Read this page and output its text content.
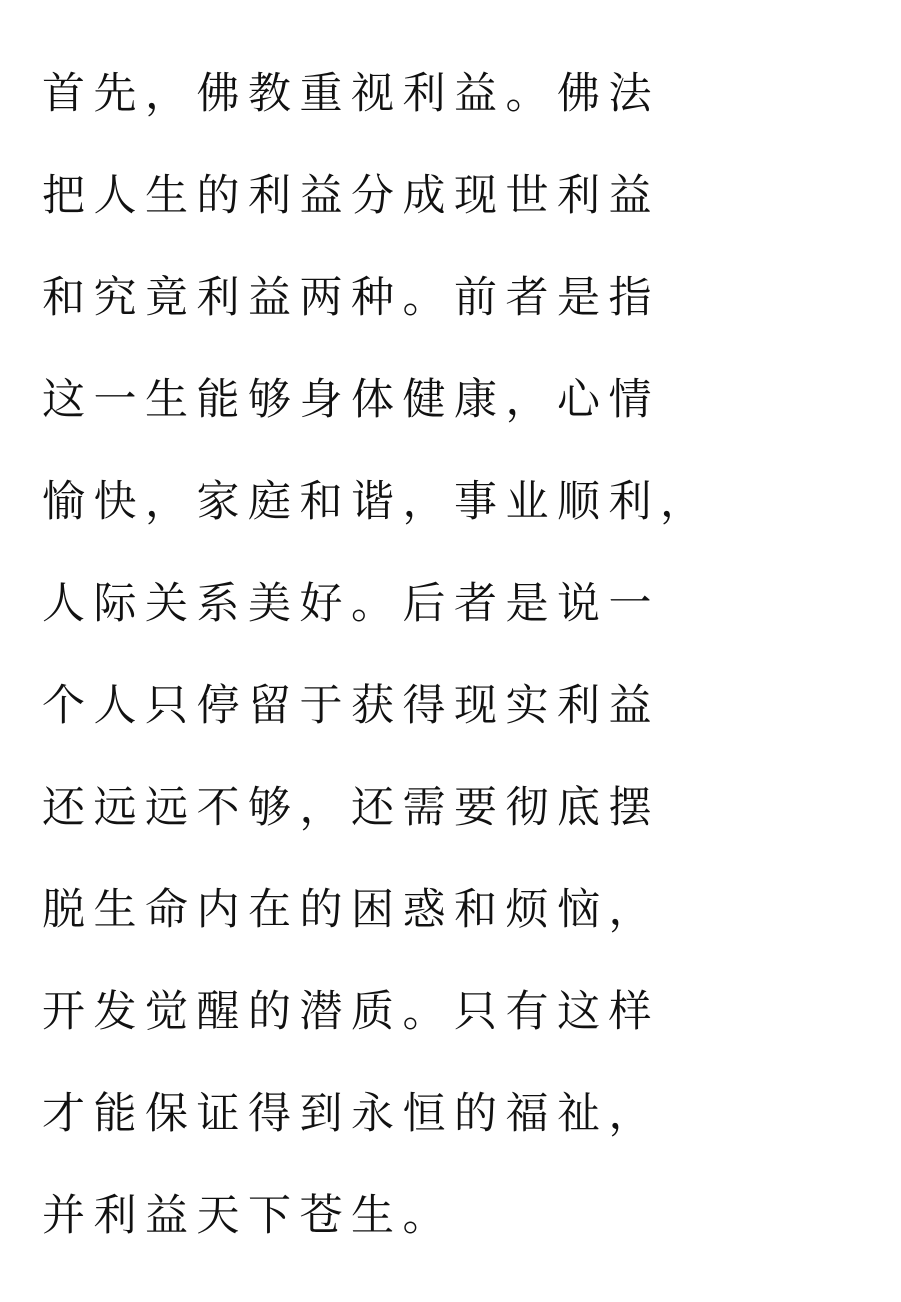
首先，佛教重视利益。佛法
把人生的利益分成现世利益
和究竟利益两种。前者是指
这一生能够身体健康，心情
愉快，家庭和谐，事业顺利，
人际关系美好。后者是说一
个人只停留于获得现实利益
还远远不够，还需要彻底摆
脱生命内在的困惑和烦恼，
开发觉醒的潜质。只有这样
才能保证得到永恒的福祉，
并利益天下苍生。
